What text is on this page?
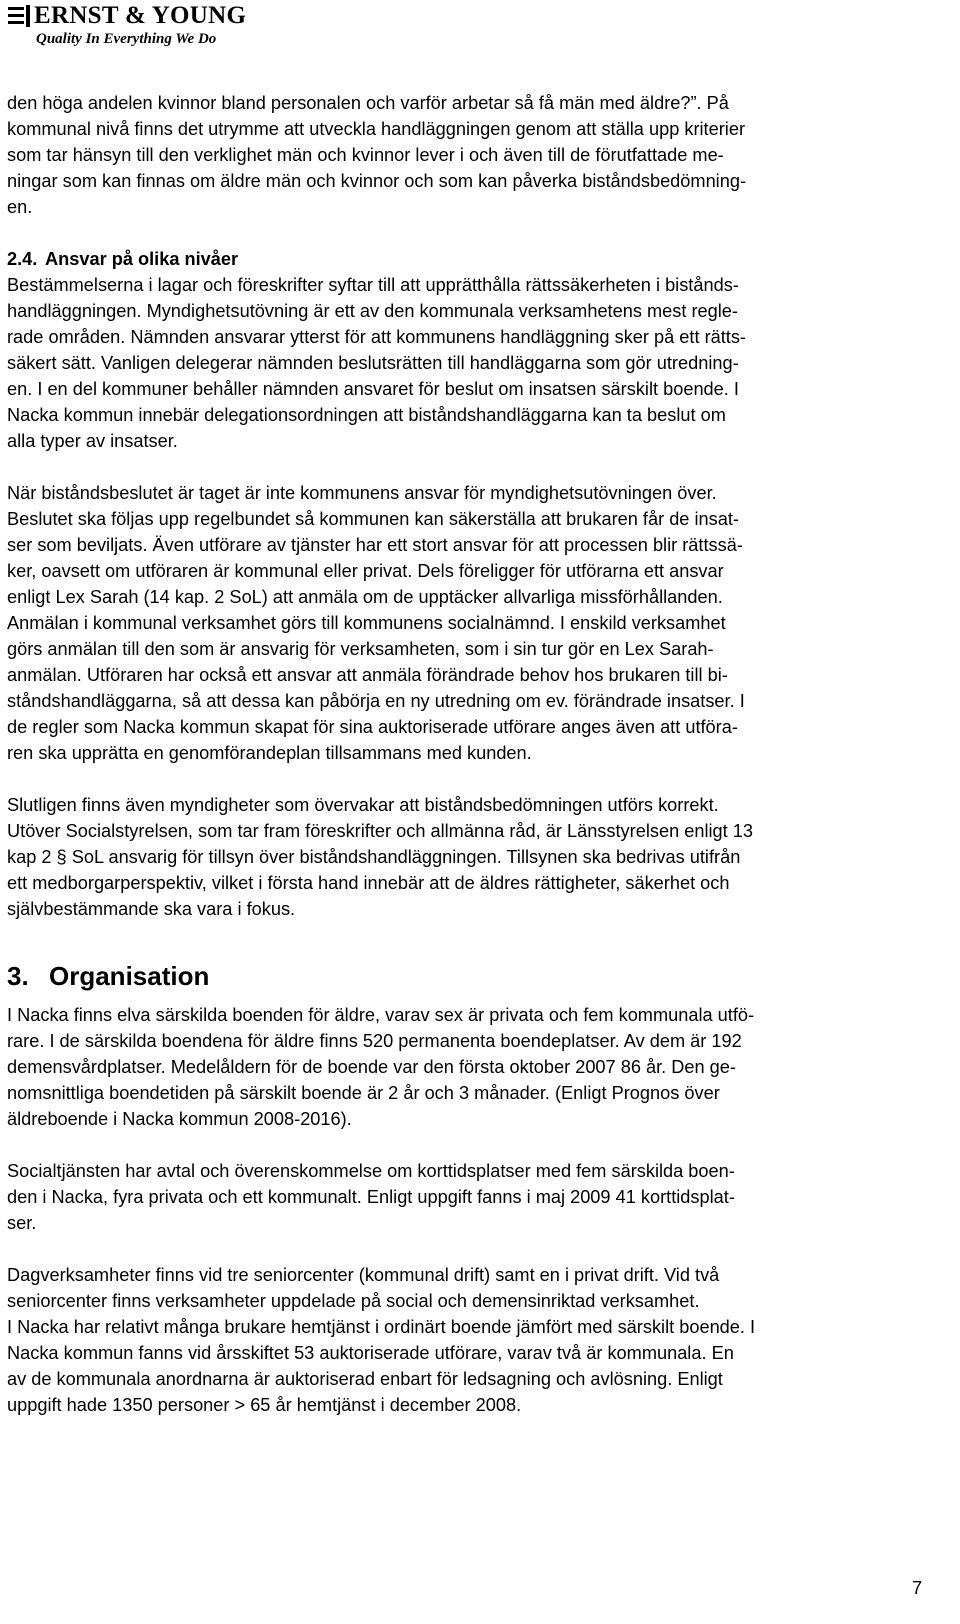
ERNST & YOUNG
Quality In Everything We Do

den höga andelen kvinnor bland personalen och varför arbetar så få män med äldre?”. På
kommunal nivå finns det utrymme att utveckla handläggningen genom att ställa upp kriterier
som tar hänsyn till den verklighet män och kvinnor lever i och även till de förutfattade me-
ningar som kan finnas om äldre män och kvinnor och som kan påverka biståndsbedömning-
en.

2.4. Ansvar på olika nivåer

Bestämmelserna i lagar och föreskrifter syftar till att upprätthålla rättssäkerheten i bistånds-
handläggningen. Myndighetsutövning är ett av den kommunala verksamhetens mest regle-
rade områden. Nämnden ansvarar ytterst för att kommunens handläggning sker på ett rätts-
säkert sätt. Vanligen delegerar nämnden beslutsrätten till handläggarna som gör utredning-
en. I en del kommuner behåller nämnden ansvaret för beslut om insatsen särskilt boende. I
Nacka kommun innebär delegationsordningen att biståndshandläggarna kan ta beslut om
alla typer av insatser.

När biståndsbeslutet är taget är inte kommunens ansvar för myndighetsutövningen över.
Beslutet ska följas upp regelbundet så kommunen kan säkerställa att brukaren får de insat-
ser som beviljats. Även utförare av tjänster har ett stort ansvar för att processen blir rättssä-
ker, oavsett om utföraren är kommunal eller privat. Dels föreligger för utförarna ett ansvar
enligt Lex Sarah (14 kap. 2 SoL) att anmäla om de upptäcker allvarliga missförhållanden.
Anmälan i kommunal verksamhet görs till kommunens socialnämnd. I enskild verksamhet
görs anmälan till den som är ansvarig för verksamheten, som i sin tur gör en Lex Sarah-
anmälan. Utföraren har också ett ansvar att anmäla förändrade behov hos brukaren till bi-
ståndshandläggarna, så att dessa kan påbörja en ny utredning om ev. förändrade insatser. I
de regler som Nacka kommun skapat för sina auktoriserade utförare anges även att utföra-
ren ska upprätta en genomförandeplan tillsammans med kunden.

Slutligen finns även myndigheter som övervakar att biståndsbedömningen utförs korrekt.
Utöver Socialstyrelsen, som tar fram föreskrifter och allmänna råd, är Länsstyrelsen enligt 13
kap 2 § SoL ansvarig för tillsyn över biståndshandläggningen. Tillsynen ska bedrivas utifrån
ett medborgarperspektiv, vilket i första hand innebär att de äldres rättigheter, säkerhet och
självbestämmande ska vara i fokus.

3. Organisation

I Nacka finns elva särskilda boenden för äldre, varav sex är privata och fem kommunala utfö-
rare. I de särskilda boendena för äldre finns 520 permanenta boendeplatser. Av dem är 192
demensvårdplatser. Medelåldern för de boende var den första oktober 2007 86 år. Den ge-
nomsnittliga boendetiden på särskilt boende är 2 år och 3 månader. (Enligt Prognos över
äldreboende i Nacka kommun 2008-2016).

Socialtjänsten har avtal och överenskommelse om korttidsplatser med fem särskilda boen-
den i Nacka, fyra privata och ett kommunalt. Enligt uppgift fanns i maj 2009 41 korttidsplat-
ser.

Dagverksamheter finns vid tre seniorcenter (kommunal drift) samt en i privat drift. Vid två
seniorcenter finns verksamheter uppdelade på social och demensinriktad verksamhet.
I Nacka har relativt många brukare hemtjänst i ordinärt boende jämfört med särskilt boende. I
Nacka kommun fanns vid årsskiftet 53 auktoriserade utförare, varav två är kommunala. En
av de kommunala anordnarna är auktoriserad enbart för ledsagning och avlösning. Enligt
uppgift hade 1350 personer > 65 år hemtjänst i december 2008.

7
